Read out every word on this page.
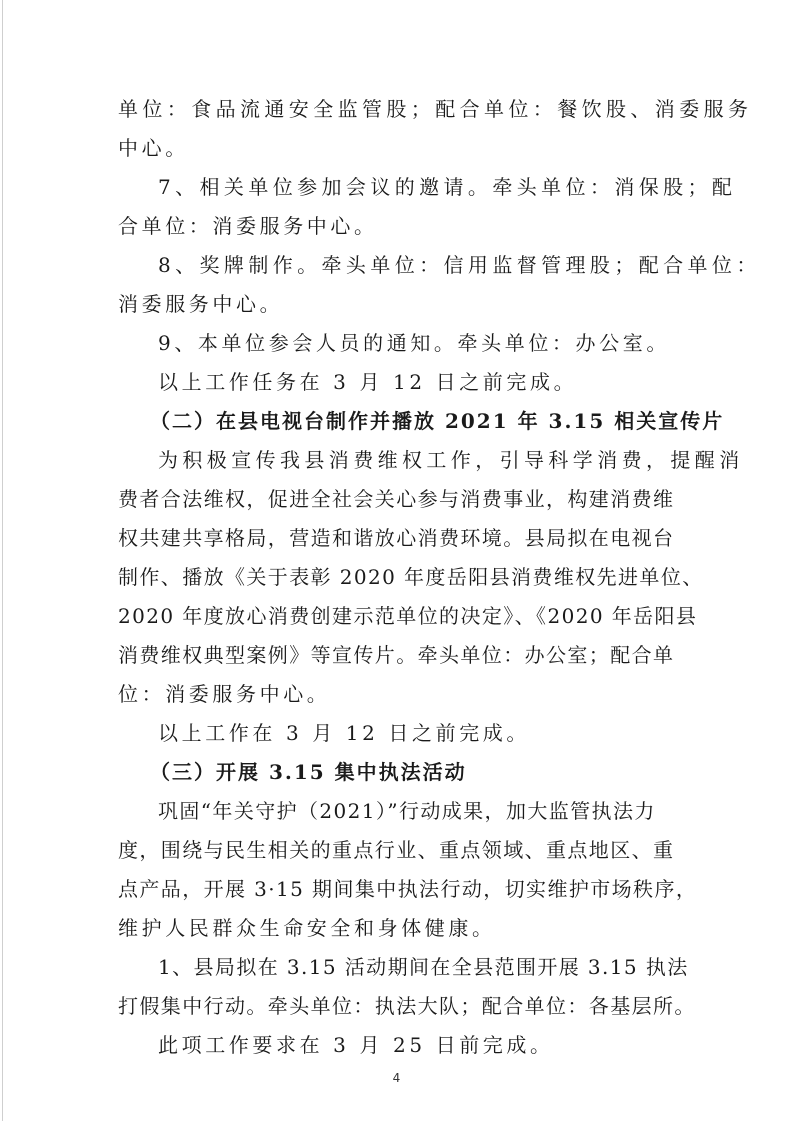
单位：食品流通安全监管股；配合单位：餐饮股、消委服务
中心。
7、相关单位参加会议的邀请。牵头单位：消保股；配
合单位：消委服务中心。
8、奖牌制作。牵头单位：信用监督管理股；配合单位：
消委服务中心。
9、本单位参会人员的通知。牵头单位：办公室。
以上工作任务在 3 月 12 日之前完成。
（二）在县电视台制作并播放 2021 年 3.15 相关宣传片
为积极宣传我县消费维权工作，引导科学消费，提醒消
费者合法维权，促进全社会关心参与消费事业，构建消费维
权共建共享格局，营造和谐放心消费环境。县局拟在电视台
制作、播放《关于表彰 2020 年度岳阳县消费维权先进单位、
2020 年度放心消费创建示范单位的决定》、《2020 年岳阳县
消费维权典型案例》等宣传片。牵头单位：办公室；配合单
位：消委服务中心。
以上工作在 3 月 12 日之前完成。
（三）开展 3.15 集中执法活动
巩固“年关守护（2021）”行动成果，加大监管执法力
度，围绕与民生相关的重点行业、重点领域、重点地区、重
点产品，开展 3·15 期间集中执法行动，切实维护市场秩序，
维护人民群众生命安全和身体健康。
1、县局拟在 3.15 活动期间在全县范围开展 3.15 执法
打假集中行动。牵头单位：执法大队；配合单位：各基层所。
此项工作要求在 3 月 25 日前完成。
4
